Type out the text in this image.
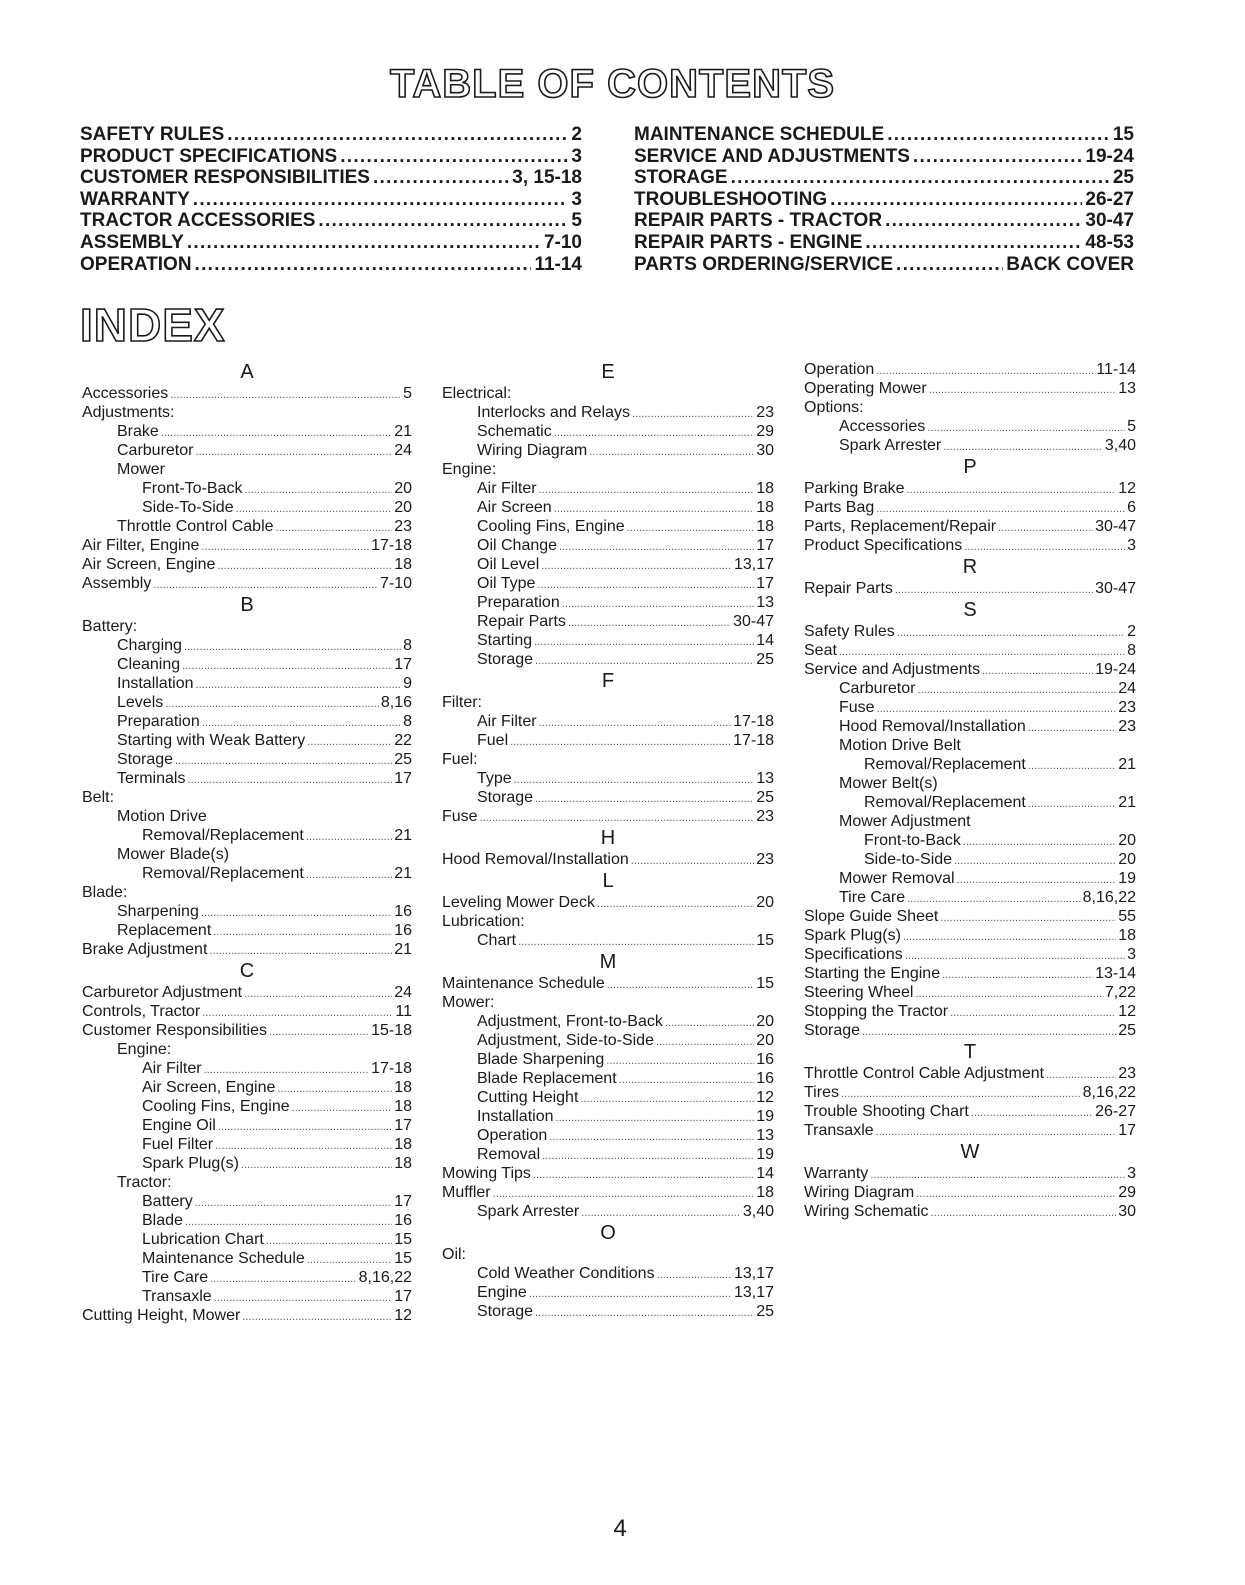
TABLE OF CONTENTS
SAFETY RULES . . .	2
PRODUCT SPECIFICATIONS . . .	3
CUSTOMER RESPONSIBILITIES . . .	3, 15-18
WARRANTY . . .	3
TRACTOR ACCESSORIES . . .	5
ASSEMBLY . . .	7-10
OPERATION . . .	11-14
MAINTENANCE SCHEDULE . . .	15
SERVICE AND ADJUSTMENTS . . .	19-24
STORAGE . . .	25
TROUBLESHOOTING . . .	26-27
REPAIR PARTS - TRACTOR . . .	30-47
REPAIR PARTS - ENGINE . . .	48-53
PARTS ORDERING/SERVICE . . .	BACK COVER
INDEX
A
Accessories . . .	5
Adjustments:
Brake . . .	21
Carburetor . . .	24
Mower
Front-To-Back . . .	20
Side-To-Side . . .	20
Throttle Control Cable . . .	23
Air Filter, Engine . . .	17-18
Air Screen, Engine . . .	18
Assembly . . .	7-10
B
Battery:
Charging . . .	8
Cleaning . . .	17
Installation . . .	9
Levels . . .	8,16
Preparation . . .	8
Starting with Weak Battery . . .	22
Storage . . .	25
Terminals . . .	17
Belt:
Motion Drive
Removal/Replacement . . .	21
Mower Blade(s)
Removal/Replacement . . .	21
Blade:
Sharpening . . .	16
Replacement . . .	16
Brake Adjustment . . .	21
C
Carburetor Adjustment . . .	24
Controls, Tractor . . .	11
Customer Responsibilities . . .	15-18
Engine:
Air Filter . . .	17-18
Air Screen, Engine . . .	18
Cooling Fins, Engine . . .	18
Engine Oil . . .	17
Fuel Filter . . .	18
Spark Plug(s) . . .	18
Tractor:
Battery . . .	17
Blade . . .	16
Lubrication Chart . . .	15
Maintenance Schedule . . .	15
Tire Care . . .	8,16,22
Transaxle . . .	17
Cutting Height, Mower . . .	12
E
Electrical:
Interlocks and Relays . . .	23
Schematic . . .	29
Wiring Diagram . . .	30
Engine:
Air Filter . . .	18
Air Screen . . .	18
Cooling Fins, Engine . . .	18
Oil Change . . .	17
Oil Level . . .	13,17
Oil Type . . .	17
Preparation . . .	13
Repair Parts . . .	30-47
Starting . . .	14
Storage . . .	25
F
Filter:
Air Filter . . .	17-18
Fuel . . .	17-18
Fuel:
Type . . .	13
Storage . . .	25
Fuse . . .	23
H
Hood Removal/Installation . . .	23
L
Leveling Mower Deck . . .	20
Lubrication:
Chart . . .	15
M
Maintenance Schedule . . .	15
Mower:
Adjustment, Front-to-Back . . .	20
Adjustment, Side-to-Side . . .	20
Blade Sharpening . . .	16
Blade Replacement . . .	16
Cutting Height . . .	12
Installation . . .	19
Operation . . .	13
Removal . . .	19
Mowing Tips . . .	14
Muffler . . .	18
Spark Arrester . . .	3,40
O
Oil:
Cold Weather Conditions . . .	13,17
Engine . . .	13,17
Storage . . .	25
Operation . . .	11-14
Operating Mower . . .	13
Options:
Accessories . . .	5
Spark Arrester . . .	3,40
P
Parking Brake . . .	12
Parts Bag . . .	6
Parts, Replacement/Repair . . .	30-47
Product Specifications . . .	3
R
Repair Parts . . .	30-47
S
Safety Rules . . .	2
Seat . . .	8
Service and Adjustments . . .	19-24
Carburetor . . .	24
Fuse . . .	23
Hood Removal/Installation . . .	23
Motion Drive Belt
Removal/Replacement . . .	21
Mower Belt(s)
Removal/Replacement . . .	21
Mower Adjustment
Front-to-Back . . .	20
Side-to-Side . . .	20
Mower Removal . . .	19
Tire Care . . .	8,16,22
Slope Guide Sheet . . .	55
Spark Plug(s) . . .	18
Specifications . . .	3
Starting the Engine . . .	13-14
Steering Wheel . . .	7,22
Stopping the Tractor . . .	12
Storage . . .	25
T
Throttle Control Cable Adjustment . . .	23
Tires . . .	8,16,22
Trouble Shooting Chart . . .	26-27
Transaxle . . .	17
W
Warranty . . .	3
Wiring Diagram . . .	29
Wiring Schematic . . .	30
4
